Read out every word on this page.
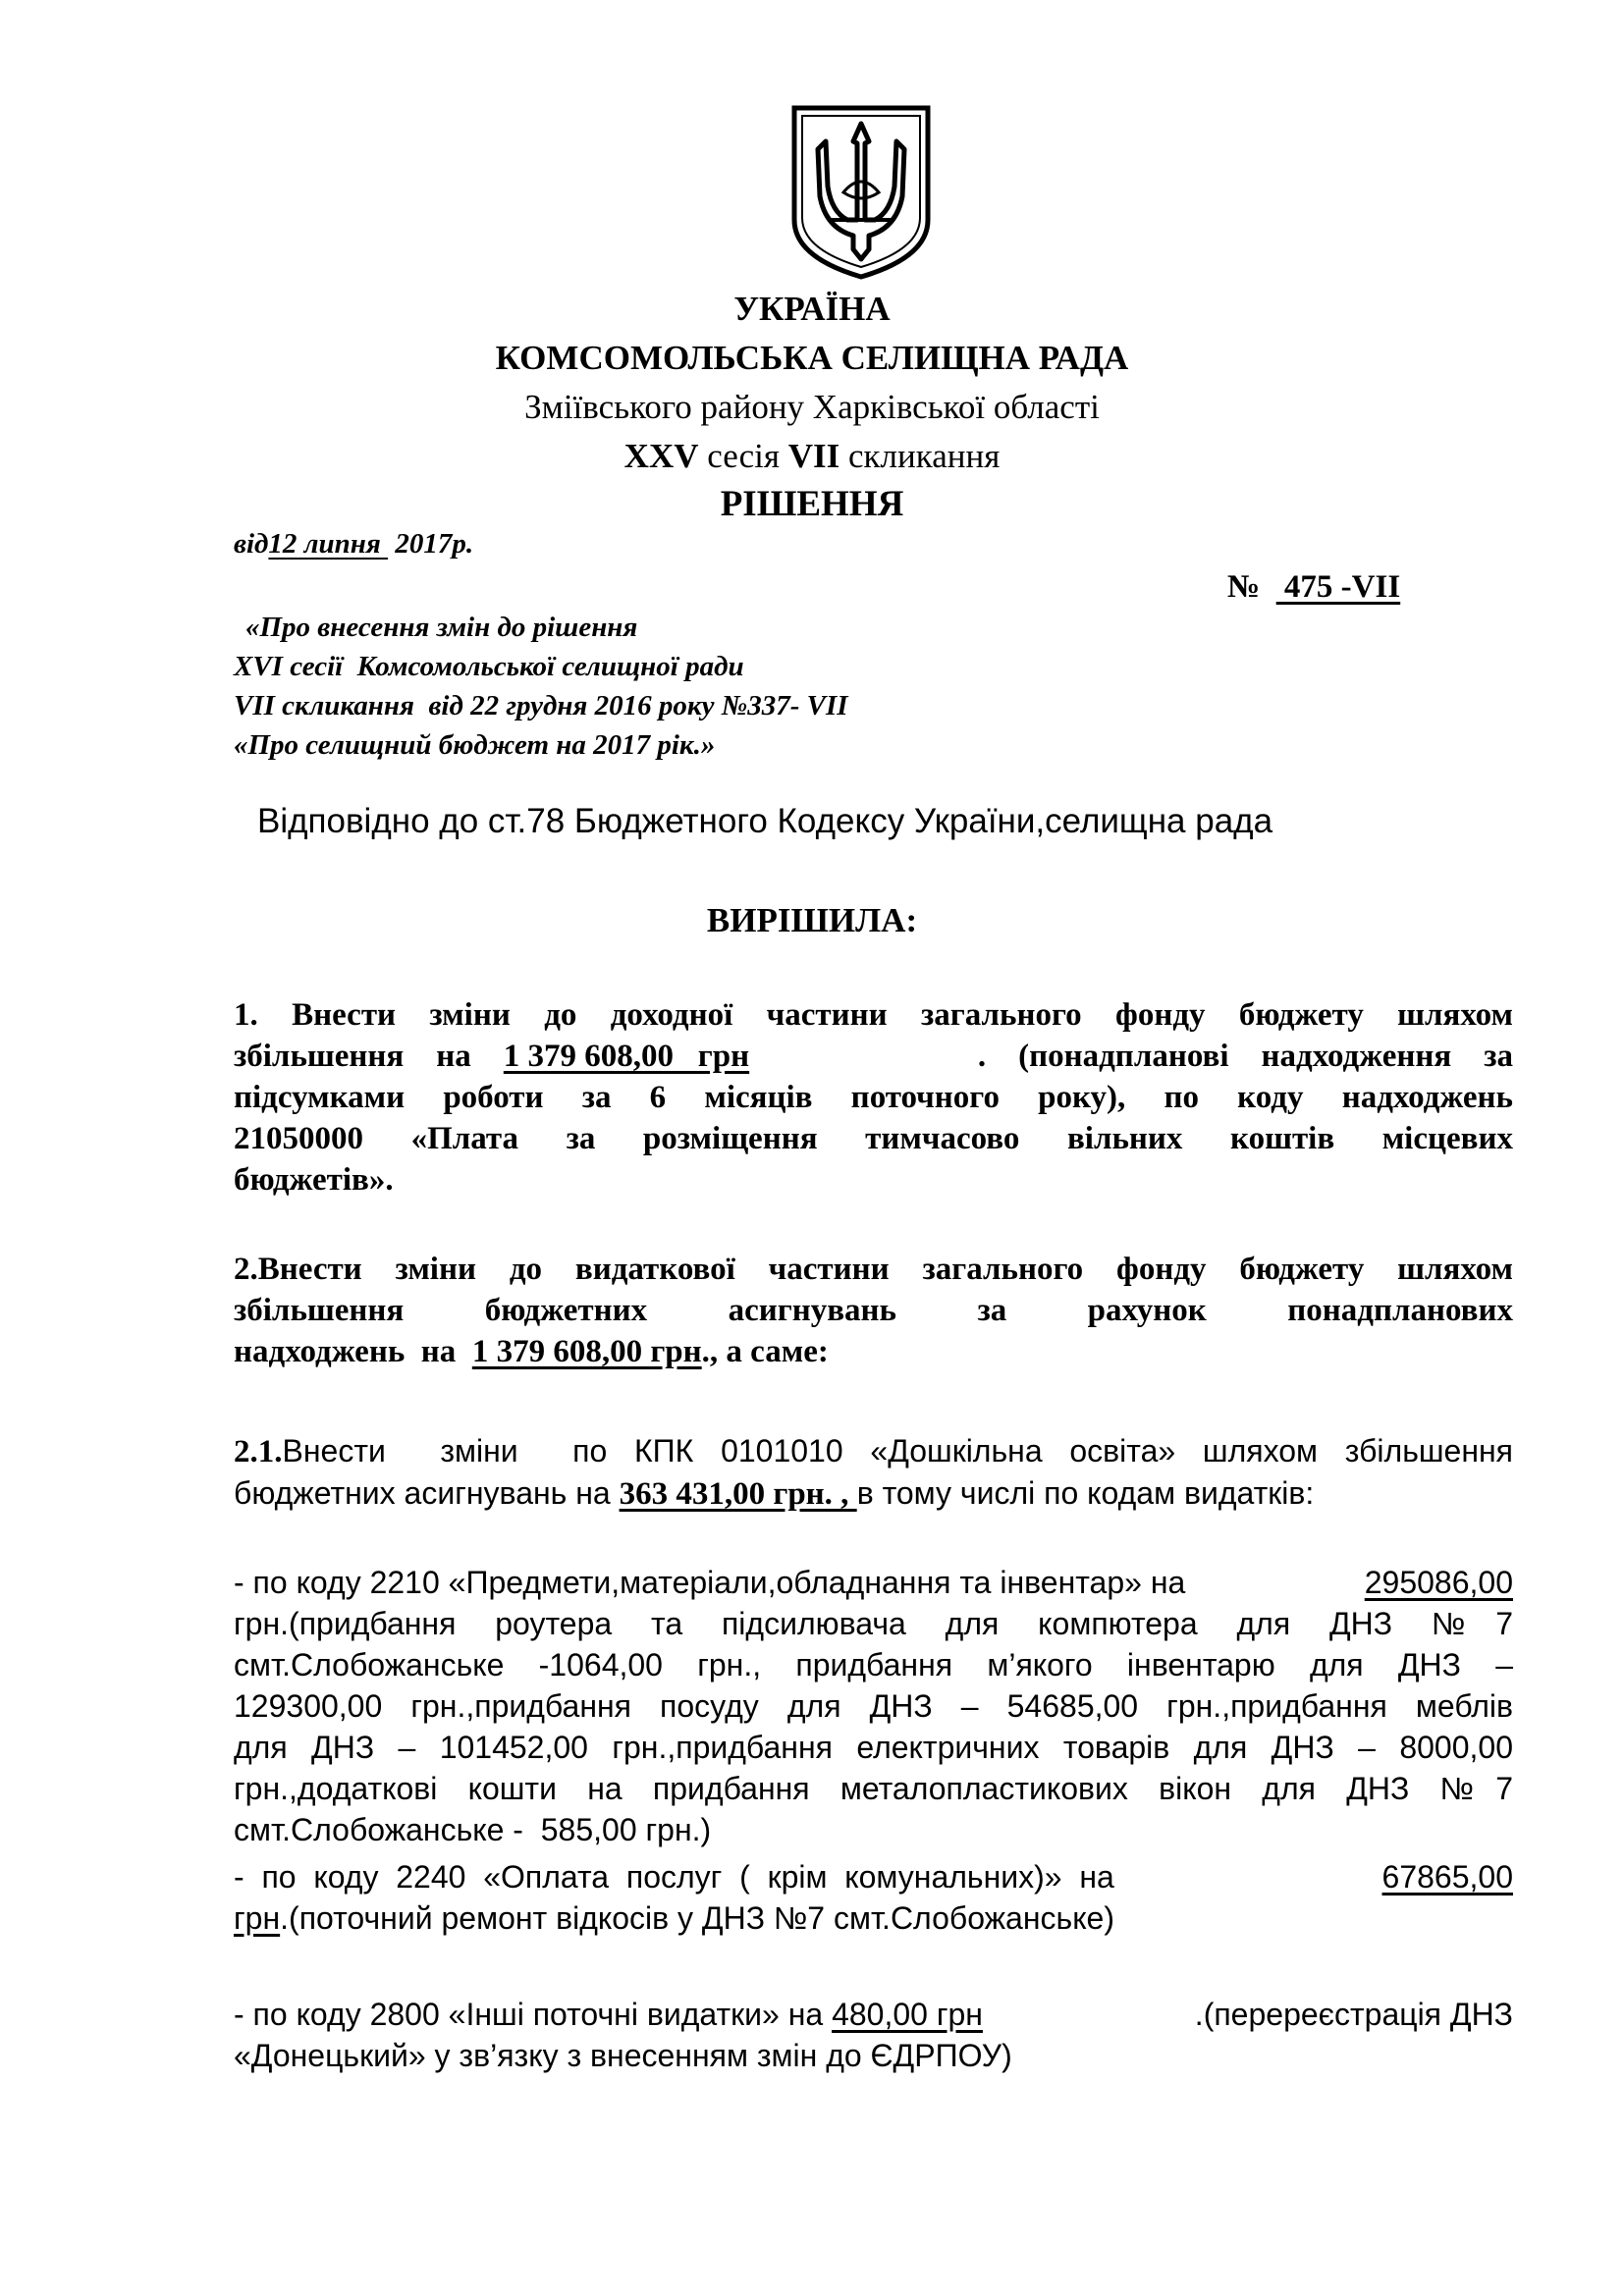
УКРАЇНА
КОМСОМОЛЬСЬКА СЕЛИЩНА РАДА
Зміївського району Харківської області
XXV сесія VII скликання
РІШЕННЯ
від12 липня  2017р.
№   475 -VII
«Про внесення змін до рішення
XVI сесії  Комсомольської селищної ради
VII скликання  від 22 грудня 2016 року №337- VII
«Про селищний бюджет на 2017 рік.»
Відповідно до ст.78 Бюджетного Кодексу України,селищна рада
ВИРІШИЛА:
1. Внести зміни до доходної частини загального фонду бюджету шляхом
збільшення    на    1 379 608,00   грн	.    (понадпланові    надходження    за
підсумками роботи за 6 місяців поточного року), по коду надходжень
21050000 «Плата за розміщення тимчасово вільних коштів місцевих
бюджетів».
2.Внести зміни до видаткової частини загального фонду бюджету шляхом
збільшення бюджетних асигнувань за рахунок понадпланових
надходжень  на  1 379 608,00 грн., а саме:
2.1.Внести  зміни  по КПК 0101010 «Дошкільна освіта» шляхом збільшення
бюджетних асигнувань на 363 431,00 грн. , в тому числі по кодам видатків:
- по коду 2210 «Предмети,матеріали,обладнання та інвентар» на	295086,00
грн.(придбання роутера та підсилювача для компютера для ДНЗ №7
смт.Слобожанське -1064,00 грн., придбання м’якого інвентарю для ДНЗ –
129300,00 грн.,придбання посуду для ДНЗ – 54685,00 грн.,придбання меблів
для ДНЗ – 101452,00 грн.,придбання електричних товарів для ДНЗ – 8000,00
грн.,додаткові кошти на придбання металопластикових вікон для ДНЗ №7
смт.Слобожанське -  585,00 грн.)
-  по  коду  2240  «Оплата  послуг  (  крім  комунальних)»  на	67865,00
грн.(поточний ремонт відкосів у ДНЗ №7 смт.Слобожанське)
- по коду 2800 «Інші поточні видатки» на 480,00 грн	.(перереєстрація ДНЗ
«Донецький» у зв’язку з внесенням змін до ЄДРПОУ)
